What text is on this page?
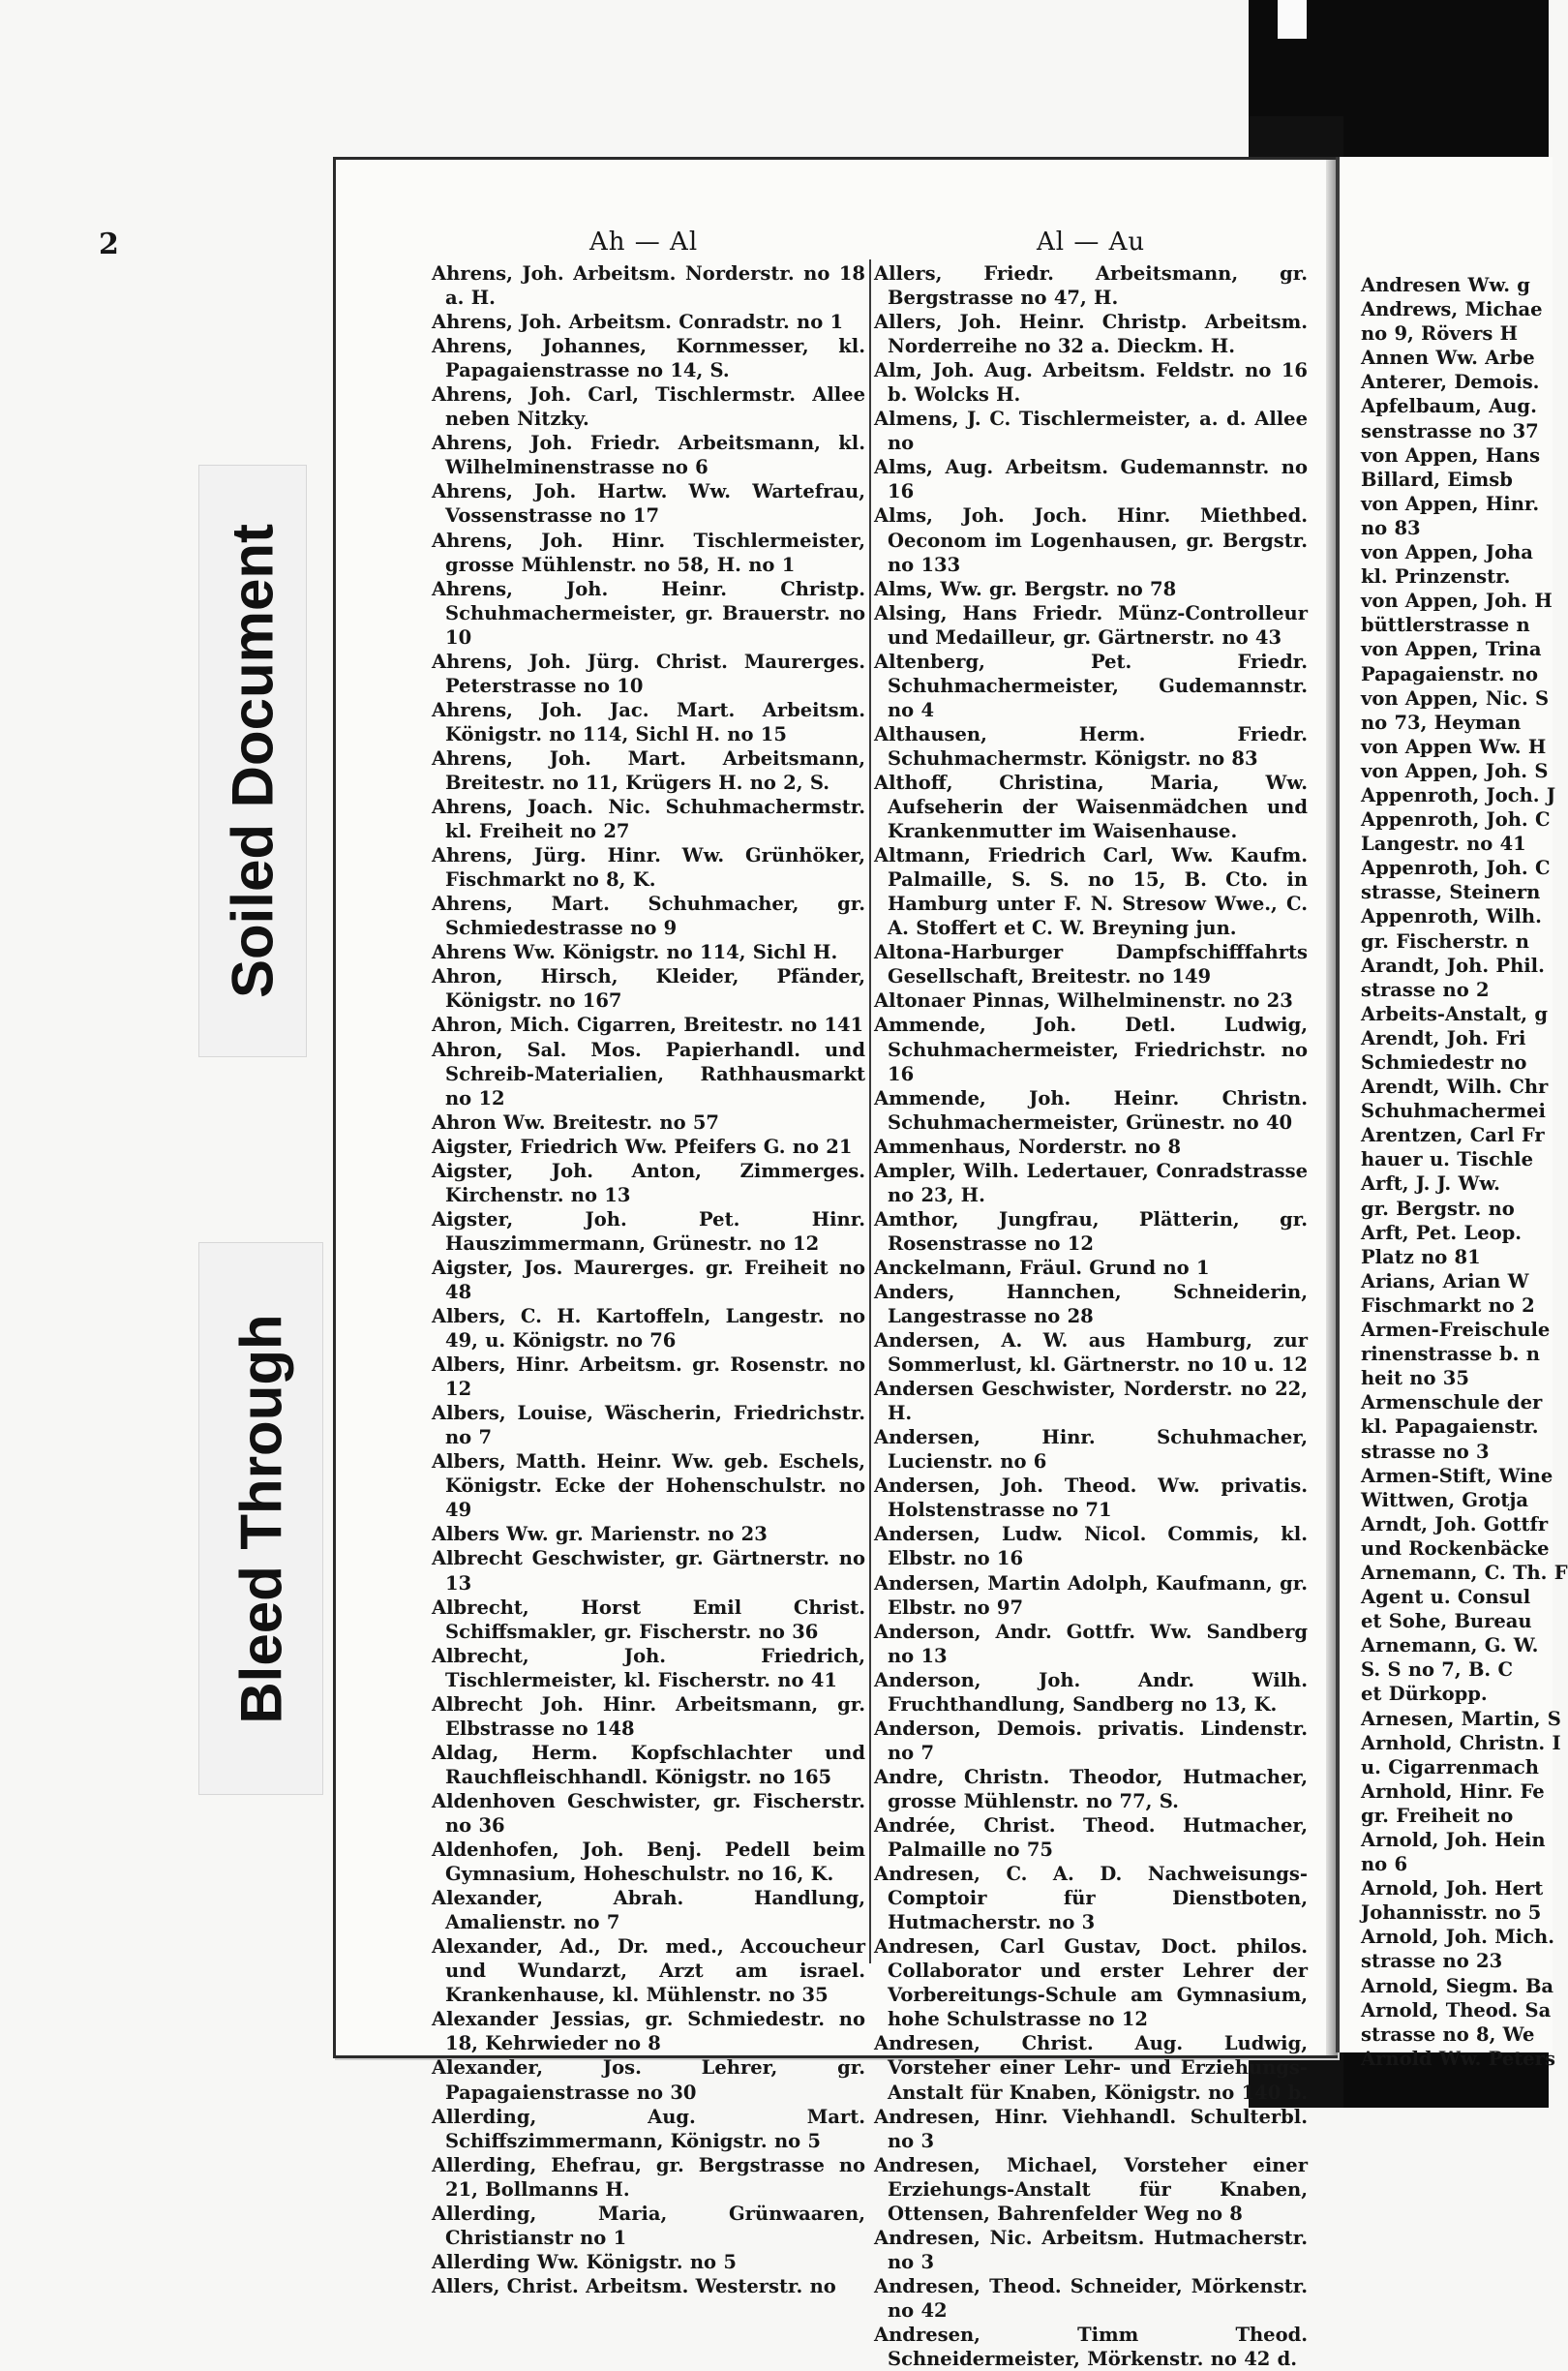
Soiled Document
Bleed Through
Andresen Ww. g
Andrews, Michae
no 9, Rövers H
Annen Ww. Arbe
Anterer, Demois.
Apfelbaum, Aug.
senstrasse no 37
von Appen, Hans
Billard, Eimsb
von Appen, Hinr.
no 83
von Appen, Joha
kl. Prinzenstr.
von Appen, Joh. H
büttlerstrasse n
von Appen, Trina
Papagaienstr. no
von Appen, Nic. S
no 73, Heyman
von Appen Ww. H
von Appen, Joh. S
Appenroth, Joch. J
Appenroth, Joh. C
Langestr. no 41
Appenroth, Joh. C
strasse, Steinern
Appenroth, Wilh.
gr. Fischerstr. n
Arandt, Joh. Phil.
strasse no 2
Arbeits-Anstalt, g
Arendt, Joh. Fri
Schmiedestr no
Arendt, Wilh. Chr
Schuhmachermei
Arentzen, Carl Fr
hauer u. Tischle
Arft, J. J. Ww.
gr. Bergstr. no
Arft, Pet. Leop.
Platz no 81
Arians, Arian W
Fischmarkt no 2
Armen-Freischule
rinenstrasse b. n
heit no 35
Armenschule der
kl. Papagaienstr.
strasse no 3
Armen-Stift, Wine
Wittwen, Grotja
Arndt, Joh. Gottfr
und Rockenbäcke
Arnemann, C. Th. F
Agent u. Consul
et Sohe, Bureau
Arnemann, G. W.
S. S no 7, B. C
et Dürkopp.
Arnesen, Martin, S
Arnhold, Christn. I
u. Cigarrenmach
Arnhold, Hinr. Fe
gr. Freiheit no
Arnold, Joh. Hein
no 6
Arnold, Joh. Hert
Johannisstr. no 5
Arnold, Joh. Mich.
strasse no 23
Arnold, Siegm. Ba
Arnold, Theod. Sa
strasse no 8, We
Arnold Ww. Peters
2	Ah — Al	Al — Au
Ahrens, Joh. Arbeitsm. Norderstr. no 18 a. H.
Ahrens, Joh. Arbeitsm. Conradstr. no 1
Ahrens, Johannes, Kornmesser, kl. Papagaienstrasse no 14, S.
Ahrens, Joh. Carl, Tischlermstr. Allee neben Nitzky.
Ahrens, Joh. Friedr. Arbeitsmann, kl. Wilhelminenstrasse no 6
Ahrens, Joh. Hartw. Ww. Wartefrau, Vossenstrasse no 17
Ahrens, Joh. Hinr. Tischlermeister, grosse Mühlenstr. no 58, H. no 1
Ahrens, Joh. Heinr. Christp. Schuhmachermeister, gr. Brauerstr. no 10
Ahrens, Joh. Jürg. Christ. Maurerges. Peterstrasse no 10
Ahrens, Joh. Jac. Mart. Arbeitsm. Königstr. no 114, Sichl H. no 15
Ahrens, Joh. Mart. Arbeitsmann, Breitestr. no 11, Krügers H. no 2, S.
Ahrens, Joach. Nic. Schuhmachermstr. kl. Freiheit no 27
Ahrens, Jürg. Hinr. Ww. Grünhöker, Fischmarkt no 8, K.
Ahrens, Mart. Schuhmacher, gr. Schmiedestrasse no 9
Ahrens Ww. Königstr. no 114, Sichl H.
Ahron, Hirsch, Kleider, Pfänder, Königstr. no 167
Ahron, Mich. Cigarren, Breitestr. no 141
Ahron, Sal. Mos. Papierhandl. und Schreib-Materialien, Rathhausmarkt no 12
Ahron Ww. Breitestr. no 57
Aigster, Friedrich Ww. Pfeifers G. no 21
Aigster, Joh. Anton, Zimmerges. Kirchenstr. no 13
Aigster, Joh. Pet. Hinr. Hauszimmermann, Grünestr. no 12
Aigster, Jos. Maurerges. gr. Freiheit no 48
Albers, C. H. Kartoffeln, Langestr. no 49, u. Königstr. no 76
Albers, Hinr. Arbeitsm. gr. Rosenstr. no 12
Albers, Louise, Wäscherin, Friedrichstr. no 7
Albers, Matth. Heinr. Ww. geb. Eschels, Königstr. Ecke der Hohenschulstr. no 49
Albers Ww. gr. Marienstr. no 23
Albrecht Geschwister, gr. Gärtnerstr. no 13
Albrecht, Horst Emil Christ. Schiffsmakler, gr. Fischerstr. no 36
Albrecht, Joh. Friedrich, Tischlermeister, kl. Fischerstr. no 41
Albrecht Joh. Hinr. Arbeitsmann, gr. Elbstrasse no 148
Aldag, Herm. Kopfschlachter und Rauchfleischhandl. Königstr. no 165
Aldenhoven Geschwister, gr. Fischerstr. no 36
Aldenhofen, Joh. Benj. Pedell beim Gymnasium, Hoheschulstr. no 16, K.
Alexander, Abrah. Handlung, Amalienstr. no 7
Alexander, Ad., Dr. med., Accoucheur und Wundarzt, Arzt am israel. Krankenhause, kl. Mühlenstr. no 35
Alexander Jessias, gr. Schmiedestr. no 18, Kehrwieder no 8
Alexander, Jos. Lehrer, gr. Papagaienstrasse no 30
Allerding, Aug. Mart. Schiffszimmermann, Königstr. no 5
Allerding, Ehefrau, gr. Bergstrasse no 21, Bollmanns H.
Allerding, Maria, Grünwaaren, Christianstr no 1
Allerding Ww. Königstr. no 5
Allers, Christ. Arbeitsm. Westerstr. no
Allers, Friedr. Arbeitsmann, gr. Bergstrasse no 47, H.
Allers, Joh. Heinr. Christp. Arbeitsm. Norderreihe no 32 a. Dieckm. H.
Alm, Joh. Aug. Arbeitsm. Feldstr. no 16 b. Wolcks H.
Almens, J. C. Tischlermeister, a. d. Allee no
Alms, Aug. Arbeitsm. Gudemannstr. no 16
Alms, Joh. Joch. Hinr. Miethbed. Oeconom im Logenhausen, gr. Bergstr. no 133
Alms, Ww. gr. Bergstr. no 78
Alsing, Hans Friedr. Münz-Controlleur und Medailleur, gr. Gärtnerstr. no 43
Altenberg, Pet. Friedr. Schuhmachermeister, Gudemannstr. no 4
Althausen, Herm. Friedr. Schuhmachermstr. Königstr. no 83
Althoff, Christina, Maria, Ww. Aufseherin der Waisenmädchen und Krankenmutter im Waisenhause.
Altmann, Friedrich Carl, Ww. Kaufm. Palmaille, S. S. no 15, B. Cto. in Hamburg unter F. N. Stresow Wwe., C. A. Stoffert et C. W. Breyning jun.
Altona-Harburger Dampfschifffahrts Gesellschaft, Breitestr. no 149
Altonaer Pinnas, Wilhelminenstr. no 23
Ammende, Joh. Detl. Ludwig, Schuhmachermeister, Friedrichstr. no 16
Ammende, Joh. Heinr. Christn. Schuhmachermeister, Grünestr. no 40
Ammenhaus, Norderstr. no 8
Ampler, Wilh. Ledertauer, Conradstrasse no 23, H.
Amthor, Jungfrau, Plätterin, gr. Rosenstrasse no 12
Anckelmann, Fräul. Grund no 1
Anders, Hannchen, Schneiderin, Langestrasse no 28
Andersen, A. W. aus Hamburg, zur Sommerlust, kl. Gärtnerstr. no 10 u. 12
Andersen Geschwister, Norderstr. no 22, H.
Andersen, Hinr. Schuhmacher, Lucienstr. no 6
Andersen, Joh. Theod. Ww. privatis. Holstenstrasse no 71
Andersen, Ludw. Nicol. Commis, kl. Elbstr. no 16
Andersen, Martin Adolph, Kaufmann, gr. Elbstr. no 97
Anderson, Andr. Gottfr. Ww. Sandberg no 13
Anderson, Joh. Andr. Wilh. Fruchthandlung, Sandberg no 13, K.
Anderson, Demois. privatis. Lindenstr. no 7
Andre, Christn. Theodor, Hutmacher, grosse Mühlenstr. no 77, S.
Andrée, Christ. Theod. Hutmacher, Palmaille no 75
Andresen, C. A. D. Nachweisungs-Comptoir für Dienstboten, Hutmacherstr. no 3
Andresen, Carl Gustav, Doct. philos. Collaborator und erster Lehrer der Vorbereitungs-Schule am Gymnasium, hohe Schulstrasse no 12
Andresen, Christ. Aug. Ludwig, Vorsteher einer Lehr- und Erziehungs-Anstalt für Knaben, Königstr. no 140 b.
Andresen, Hinr. Viehhandl. Schulterbl. no 3
Andresen, Michael, Vorsteher einer Erziehungs-Anstalt für Knaben, Ottensen, Bahrenfelder Weg no 8
Andresen, Nic. Arbeitsm. Hutmacherstr. no 3
Andresen, Theod. Schneider, Mörkenstr. no 42
Andresen, Timm Theod. Schneidermeister, Mörkenstr. no 42 d.
